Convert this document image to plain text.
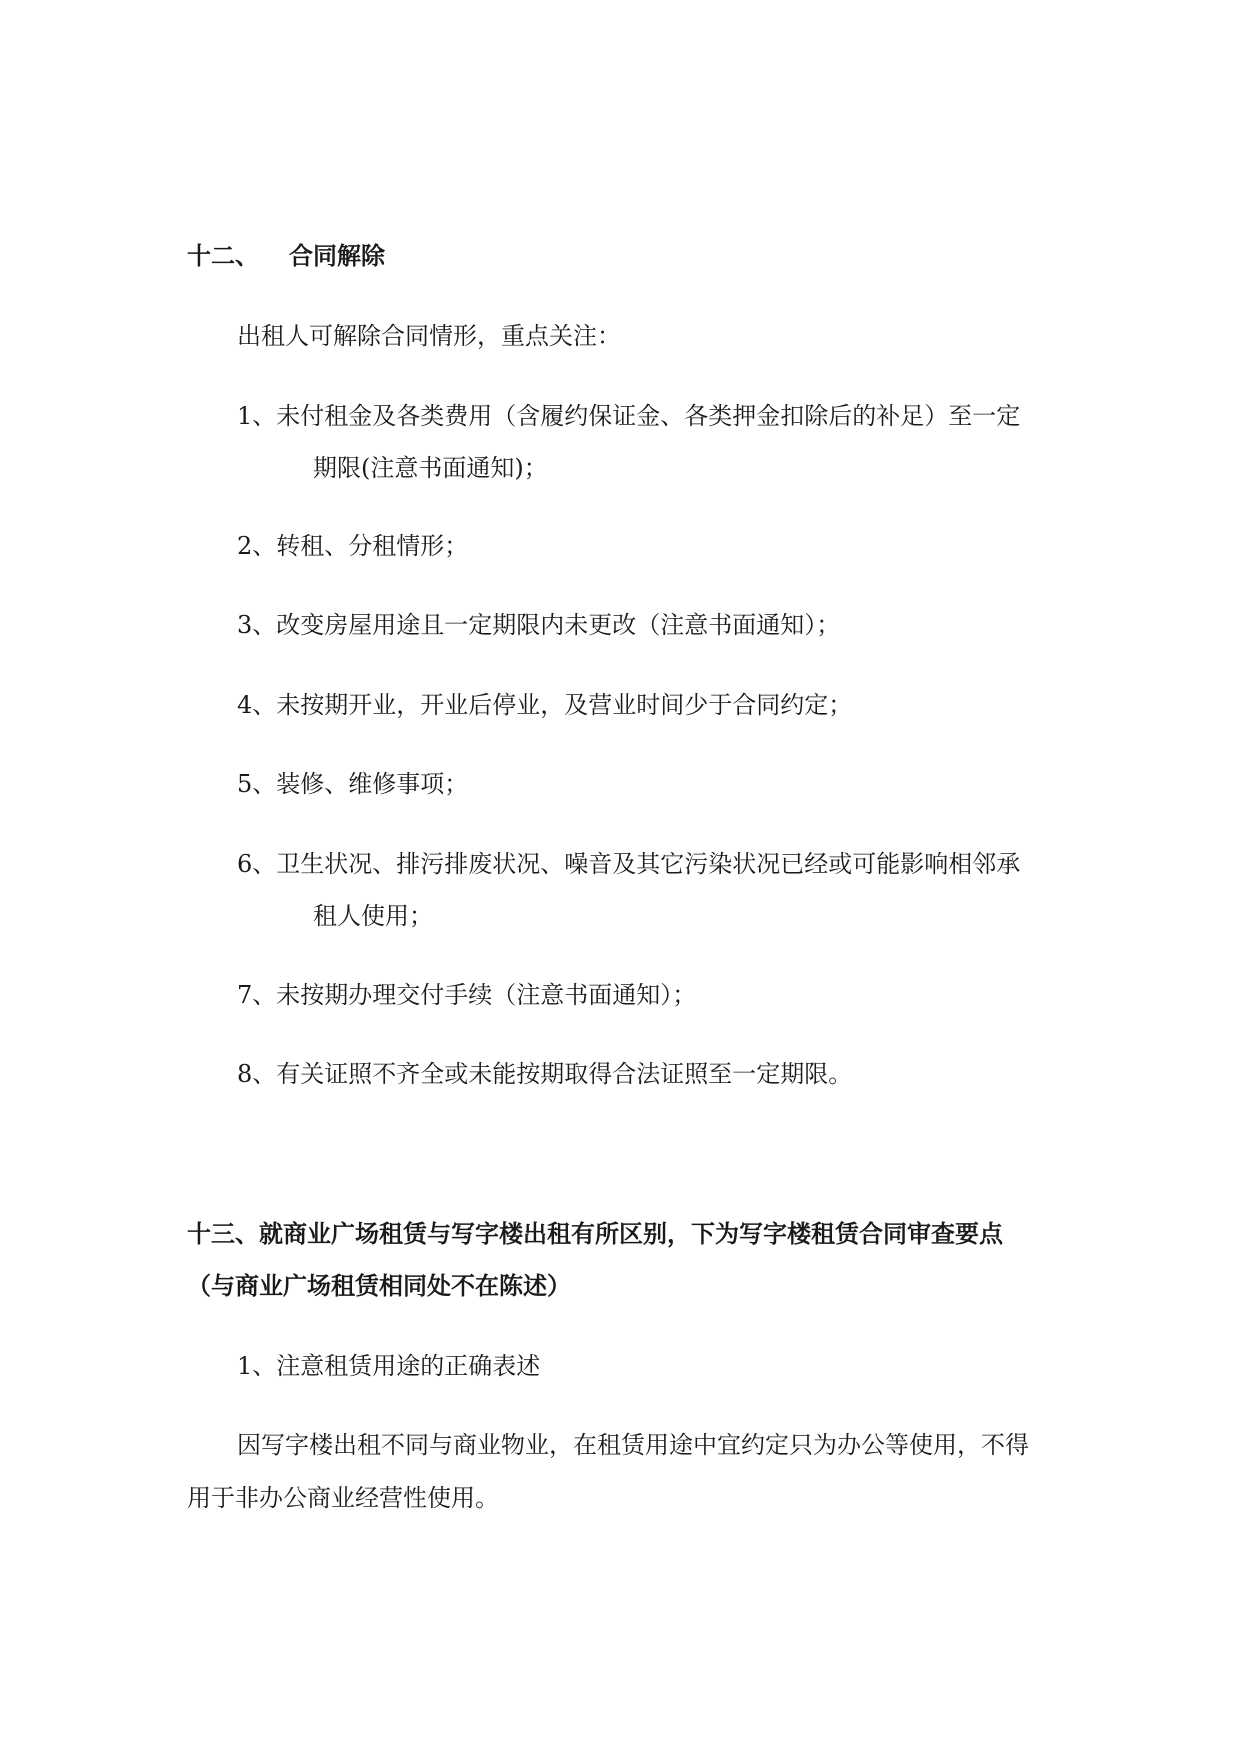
十二、 合同解除
出租人可解除合同情形，重点关注：
1、未付租金及各类费用（含履约保证金、各类押金扣除后的补足）至一定
期限(注意书面通知)；
2、转租、分租情形；
3、改变房屋用途且一定期限内未更改（注意书面通知）；
4、未按期开业，开业后停业，及营业时间少于合同约定；
5、装修、维修事项；
6、卫生状况、排污排废状况、噪音及其它污染状况已经或可能影响相邻承
租人使用；
7、未按期办理交付手续（注意书面通知）；
8、有关证照不齐全或未能按期取得合法证照至一定期限。
十三、就商业广场租赁与写字楼出租有所区别，下为写字楼租赁合同审查要点
（与商业广场租赁相同处不在陈述）
1、注意租赁用途的正确表述
因写字楼出租不同与商业物业，在租赁用途中宜约定只为办公等使用，不得
用于非办公商业经营性使用。
